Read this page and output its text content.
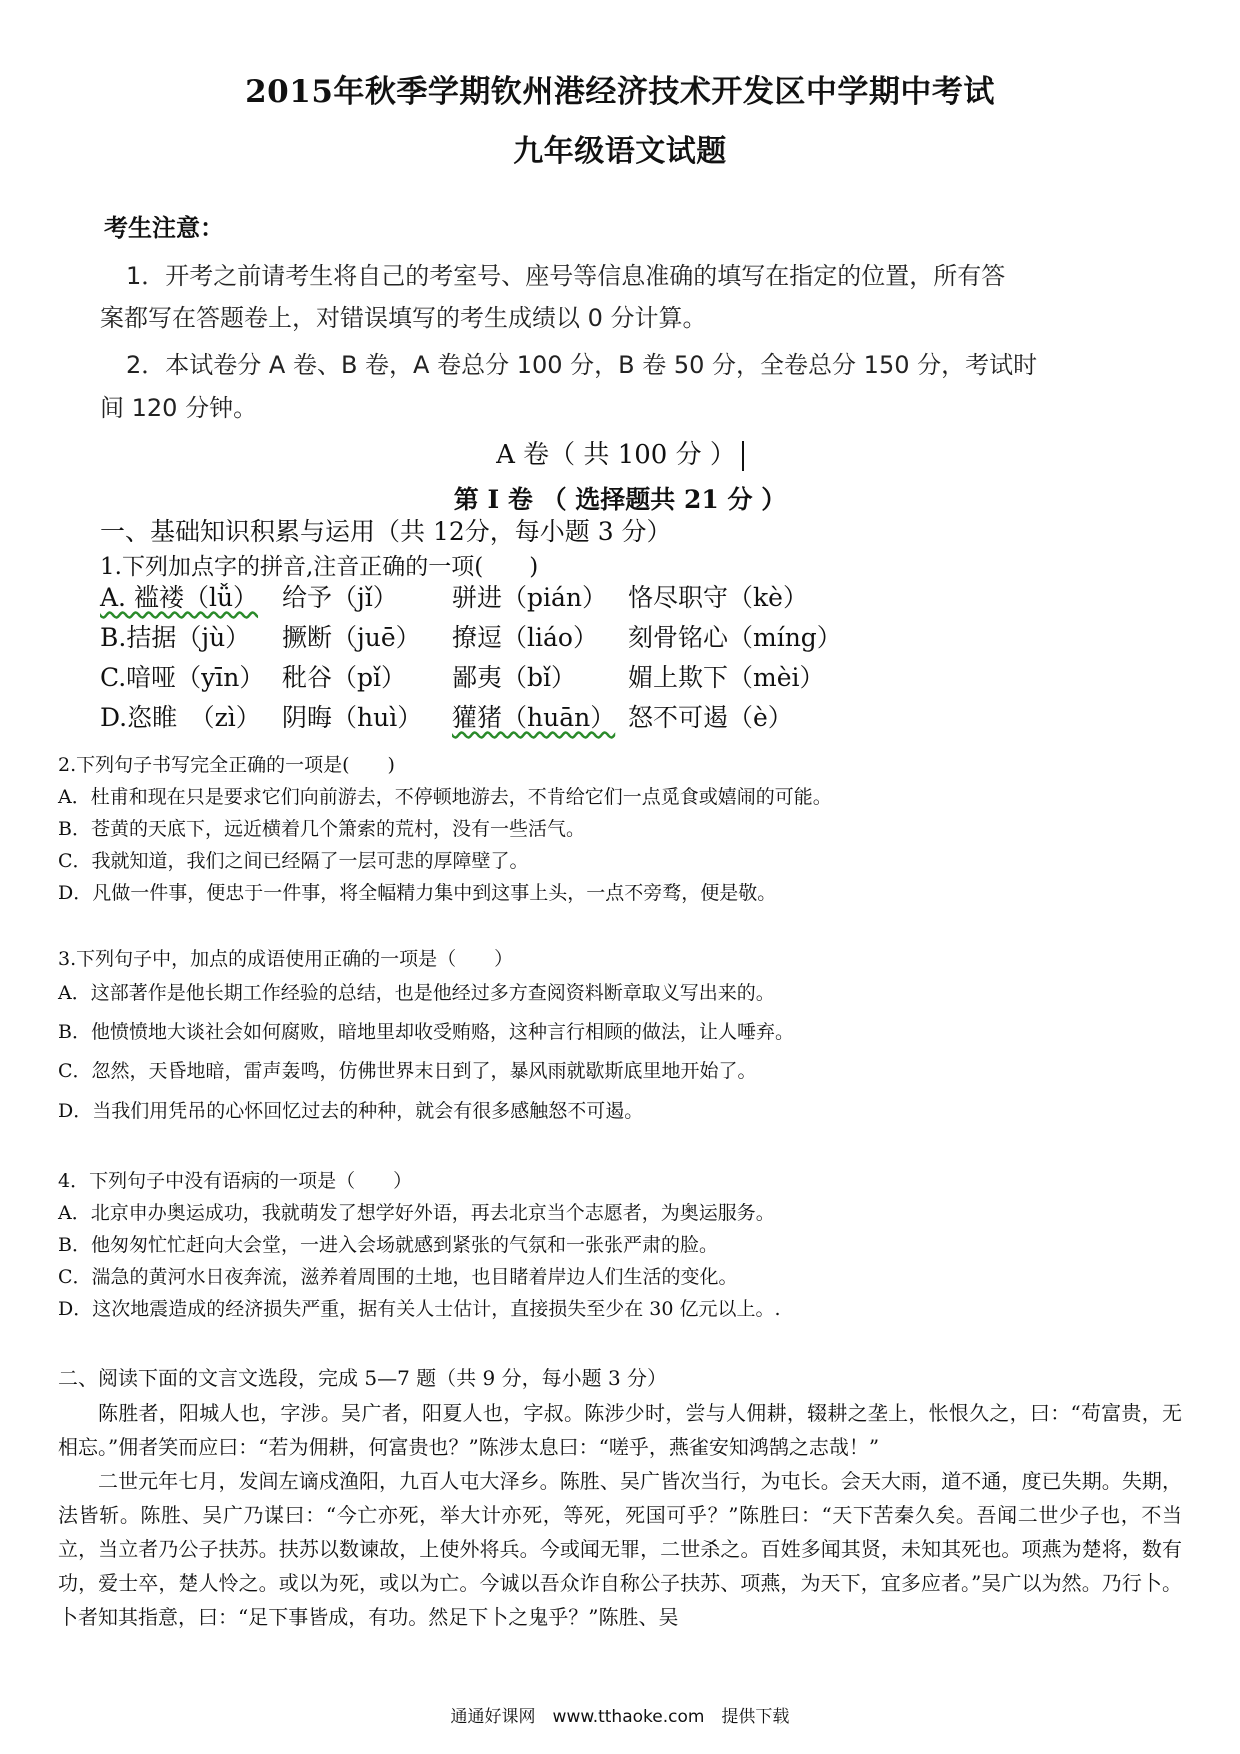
2015年秋季学期钦州港经济技术开发区中学期中考试
九年级语文试题
考生注意：
1．开考之前请考生将自己的考室号、座号等信息准确的填写在指定的位置，所有答
案都写在答题卷上，对错误填写的考生成绩以 0 分计算。
2．本试卷分 A 卷、B 卷，A 卷总分 100 分，B 卷 50 分，全卷总分 150 分，考试时
间 120 分钟。
A 卷（ 共 100 分 ）
第 I 卷 （ 选择题共 21 分 ）
一、基础知识积累与运用（共 12分，每小题 3 分）
1.下列加点字的拼音,注音正确的一项(　　)
A. 褴褛（lǚ） 给予（jǐ） 骈进（pián） 恪尽职守（kè）
B.拮据（jù） 撅断（juē） 撩逗（liáo） 刻骨铭心（míng）
C.喑哑（yīn） 秕谷（pǐ） 鄙夷（bǐ） 媚上欺下（mèi）
D.恣睢　（zì） 阴晦（huì） 獾猪（huān） 怒不可遏（è）
2.下列句子书写完全正确的一项是(　　)
A．杜甫和现在只是要求它们向前游去，不停顿地游去，不肯给它们一点觅食或嬉闹的可能。
B．苍黄的天底下，远近横着几个箫索的荒村，没有一些活气。
C．我就知道，我们之间已经隔了一层可悲的厚障壁了。
D．凡做一件事，便忠于一件事，将全幅精力集中到这事上头，一点不旁骛，便是敬。
3.下列句子中，加点的成语使用正确的一项是（　　）
A．这部著作是他长期工作经验的总结，也是他经过多方查阅资料断章取义写出来的。
B．他愤愤地大谈社会如何腐败，暗地里却收受贿赂，这种言行相顾的做法，让人唾弃。
C．忽然，天昏地暗，雷声轰鸣，仿佛世界末日到了，暴风雨就歇斯底里地开始了。
D．当我们用凭吊的心怀回忆过去的种种，就会有很多感触怒不可遏。
4．下列句子中没有语病的一项是（　　）
A．北京申办奥运成功，我就萌发了想学好外语，再去北京当个志愿者，为奥运服务。
B．他匆匆忙忙赶向大会堂，一进入会场就感到紧张的气氛和一张张严肃的脸。
C．湍急的黄河水日夜奔流，滋养着周围的土地，也目睹着岸边人们生活的变化。
D．这次地震造成的经济损失严重，据有关人士估计，直接损失至少在 30 亿元以上。.
二、阅读下面的文言文选段，完成 5—7 题（共 9 分，每小题 3 分）
陈胜者，阳城人也，字涉。吴广者，阳夏人也，字叔。陈涉少时，尝与人佣耕，辍耕之垄上，怅恨久之，曰：“苟富贵，无相忘。”佣者笑而应曰：“若为佣耕，何富贵也？”陈涉太息曰：“嗟乎，燕雀安知鸿鹄之志哉！”
二世元年七月，发闾左谪戍渔阳，九百人屯大泽乡。陈胜、吴广皆次当行，为屯长。会天大雨，道不通，度已失期。失期，法皆斩。陈胜、吴广乃谋曰：“今亡亦死，举大计亦死，等死，死国可乎？”陈胜曰：“天下苦秦久矣。吾闻二世少子也，不当立，当立者乃公子扶苏。扶苏以数谏故，上使外将兵。今或闻无罪，二世杀之。百姓多闻其贤，未知其死也。项燕为楚将，数有功，爱士卒，楚人怜之。或以为死，或以为亡。今诚以吾众诈自称公子扶苏、项燕，为天下，宜多应者。”吴广以为然。乃行卜。卜者知其指意，曰：“足下事皆成，有功。然足下卜之鬼乎？”陈胜、吴
通通好课网　www.tthaoke.com　提供下载
